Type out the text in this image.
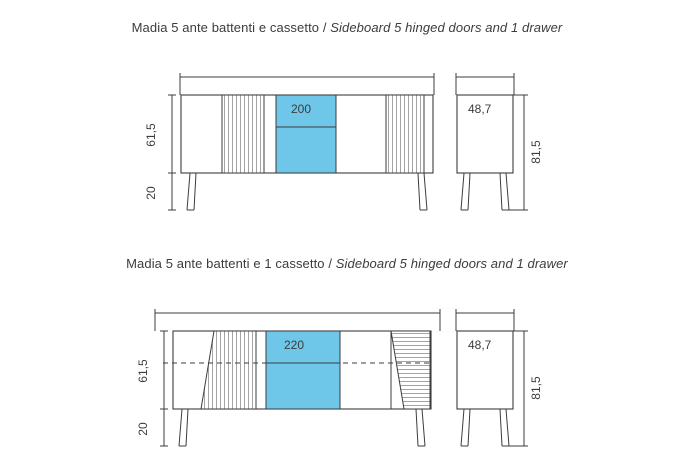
Madia 5 ante battenti e cassetto / Sideboard 5 hinged doors and 1 drawer
200
61,5
20
48,7
81,5
Madia 5 ante battenti e 1 cassetto / Sideboard 5 hinged doors and 1 drawer
220
61,5
20
48,7
81,5
